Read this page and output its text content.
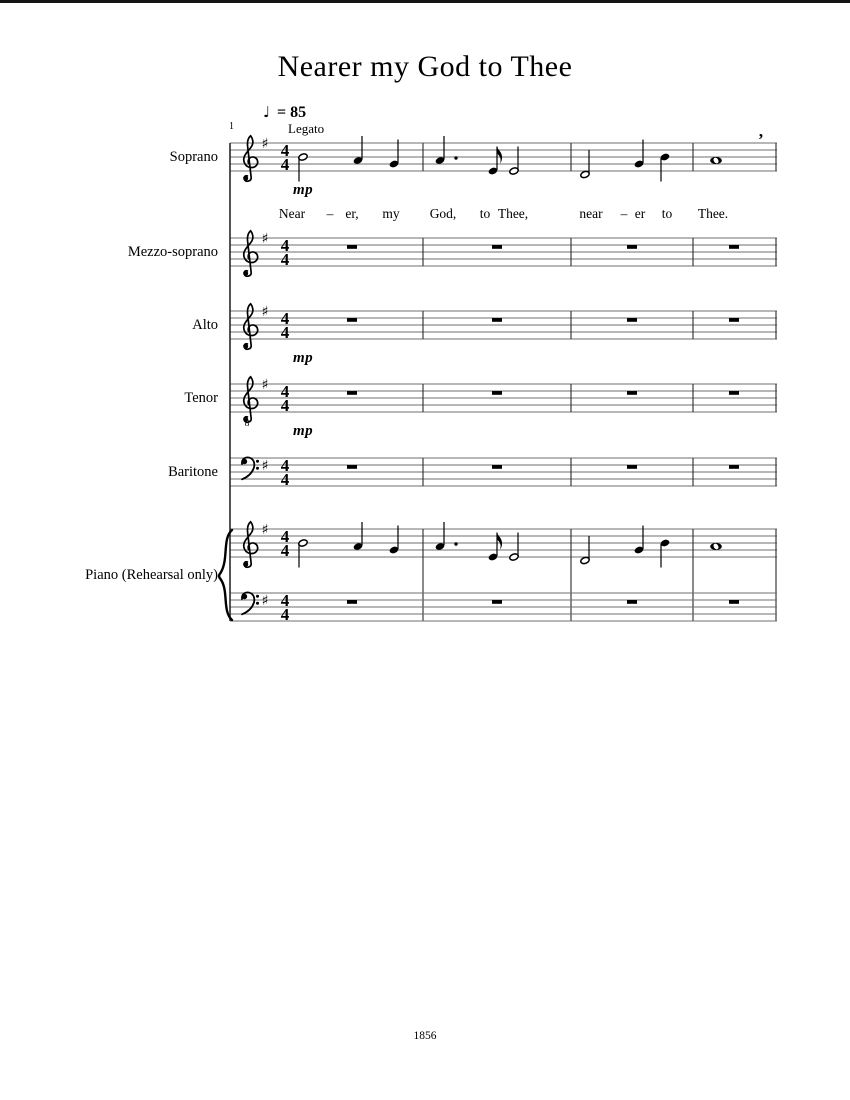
Nearer my God to Thee
♩ = 85
Legato
1
♯ 4
4
♯ 4
4
♯ 4
4
8
♯ 4
4
♯ 4
4
♯ 4
4
♯ 4
4
1856
Soprano
mp
’
Mezzo-soprano
Alto
mp
Tenor
mp
Baritone
Piano (Rehearsal only)
Near – er, my God, to Thee,	near – er to Thee.
